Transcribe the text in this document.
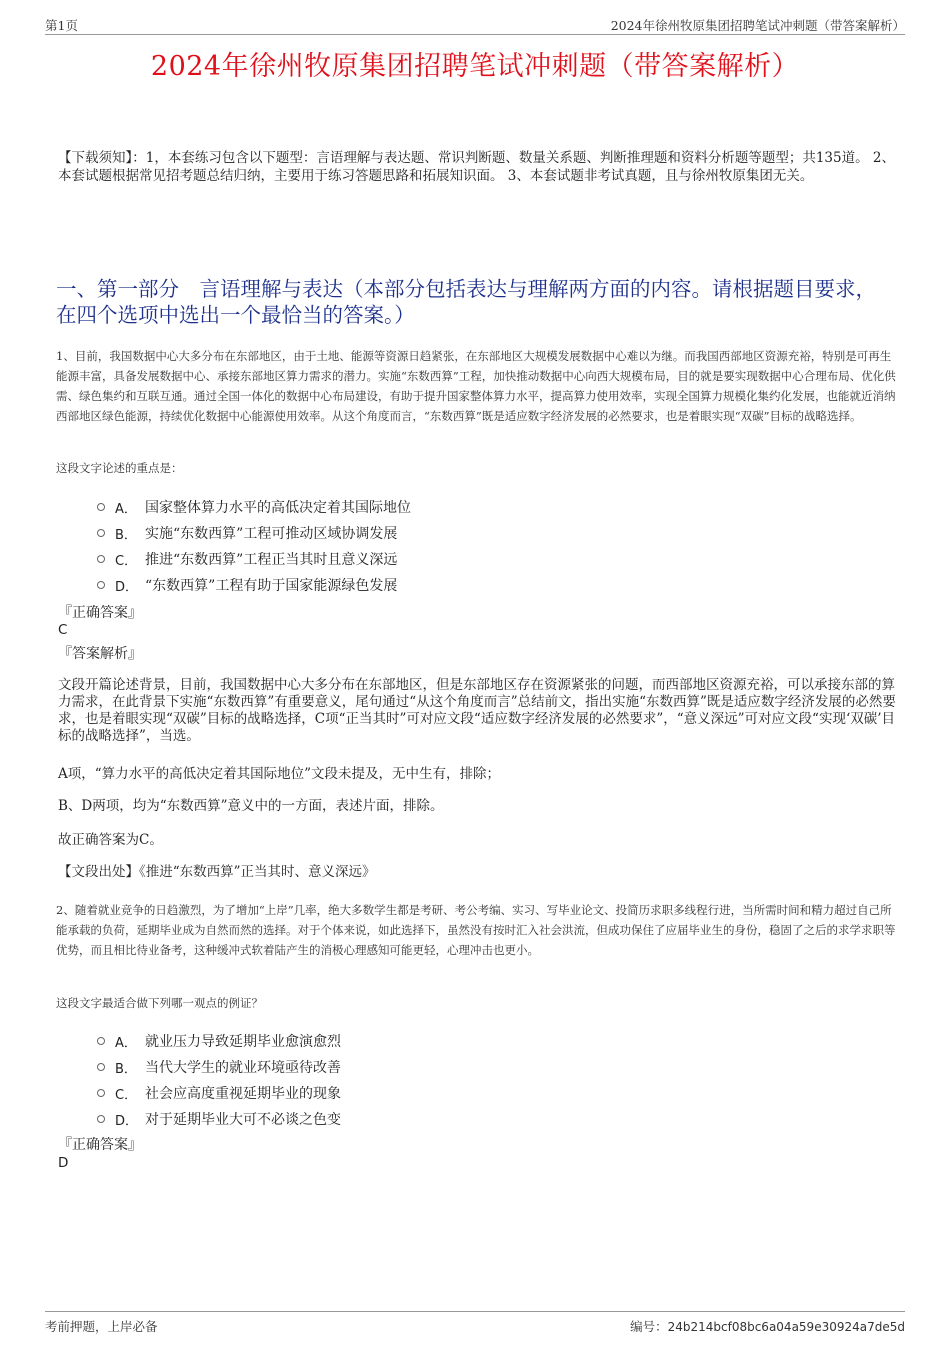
第1页	2024年徐州牧原集团招聘笔试冲刺题（带答案解析）
2024年徐州牧原集团招聘笔试冲刺题（带答案解析）
【下载须知】：1，本套练习包含以下题型：言语理解与表达题、常识判断题、数量关系题、判断推理题和资料分析题等题型；共135道。 2、本套试题根据常见招考题总结归纳，主要用于练习答题思路和拓展知识面。 3、本套试题非考试真题，且与徐州牧原集团无关。
一、第一部分　言语理解与表达（本部分包括表达与理解两方面的内容。请根据题目要求，在四个选项中选出一个最恰当的答案。）
1、目前，我国数据中心大多分布在东部地区，由于土地、能源等资源日趋紧张，在东部地区大规模发展数据中心难以为继。而我国西部地区资源充裕，特别是可再生能源丰富，具备发展数据中心、承接东部地区算力需求的潜力。实施“东数西算”工程，加快推动数据中心向西大规模布局，目的就是要实现数据中心合理布局、优化供需、绿色集约和互联互通。通过全国一体化的数据中心布局建设，有助于提升国家整体算力水平，提高算力使用效率，实现全国算力规模化集约化发展，也能就近消纳西部地区绿色能源，持续优化数据中心能源使用效率。从这个角度而言，“东数西算”既是适应数字经济发展的必然要求，也是着眼实现“双碳”目标的战略选择。
这段文字论述的重点是：
A． 国家整体算力水平的高低决定着其国际地位
B． 实施“东数西算”工程可推动区域协调发展
C． 推进“东数西算”工程正当其时且意义深远
D． “东数西算”工程有助于国家能源绿色发展
『正确答案』
C
『答案解析』
文段开篇论述背景，目前，我国数据中心大多分布在东部地区，但是东部地区存在资源紧张的问题，而西部地区资源充裕，可以承接东部的算力需求，在此背景下实施“东数西算”有重要意义，尾句通过“从这个角度而言”总结前文，指出实施“东数西算”既是适应数字经济发展的必然要求，也是着眼实现“双碳”目标的战略选择，C项“正当其时”可对应文段“适应数字经济发展的必然要求”，“意义深远”可对应文段“实现‘双碳’目标的战略选择”，当选。
A项，“算力水平的高低决定着其国际地位”文段未提及，无中生有，排除；
B、D两项，均为“东数西算”意义中的一方面，表述片面，排除。
故正确答案为C。
【文段出处】《推进“东数西算”正当其时、意义深远》
2、随着就业竞争的日趋激烈，为了增加“上岸”几率，绝大多数学生都是考研、考公考编、实习、写毕业论文、投简历求职多线程行进，当所需时间和精力超过自己所能承载的负荷，延期毕业成为自然而然的选择。对于个体来说，如此选择下，虽然没有按时汇入社会洪流，但成功保住了应届毕业生的身份，稳固了之后的求学求职等优势，而且相比待业备考，这种缓冲式软着陆产生的消极心理感知可能更轻，心理冲击也更小。
这段文字最适合做下列哪一观点的例证？
A． 就业压力导致延期毕业愈演愈烈
B． 当代大学生的就业环境亟待改善
C． 社会应高度重视延期毕业的现象
D． 对于延期毕业大可不必谈之色变
『正确答案』
D
考前押题，上岸必备	编号：24b214bcf08bc6a04a59e30924a7de5d
